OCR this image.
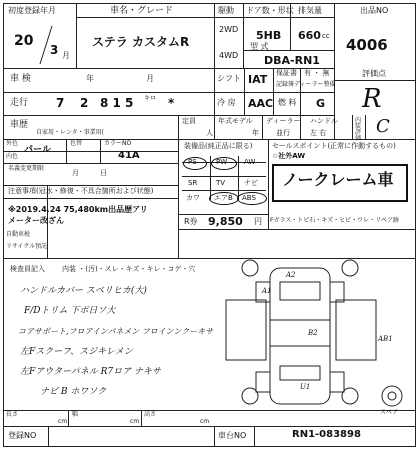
初度登録年月
20
3 月
車名・グレード
ステラ カスタムR
駆動
2WD
4WD
ドア数・形状
5HB
型 式
DBA-RN1
排気量
660 cc
出品NO
4006
車 検	年	月	シフト IAT 保証書 有 ・ 無
記録簿ディーラー整備
評価点
R
走行 7 2 8 1 5 キロ *	冷 房 AAC 燃 料 G
車歴
自家用・レンタ・事業用(
定員
人
年式モデル
年
ディーラー
並行
ハンドル
左 右
内装評価
C
外色
パール
色替	カラーNO
41A
内色
装備品(純正品に限る)
PS	PW AW
SR	TV	ナビ
カワ エアB ABS
R券 9,850 円
セールスポイント(正常に作動するもの)
☆社外AW
ノークレーム車
Fガラス・トビ石・キズ・ヒビ・ワレ・リペア跡
注意事項(冠水・修復・不具合箇所および状態)
※2019.4.24 75,480km出品歴アリ
メーター改ざん
名義変更期限
月	日
自動車税
リサイクル預託
検査員記入 内装 ・(汚)・スレ・キズ・キレ・コゲ・穴
ハンドルカバー スベリヒカ(大)
F/Dトリム 下ボ日ソ大
コアサポート,フロアインパネメン フロインンクーキサ
左Fスクーフ、スジキレメン
左Fアウターパネル R7ロア ナキサ
ナビ B ホワソク
A2
A1
B2
AB1
U1
スペア
長さ
cm
幅
cm
高さ
cm
登録NO	車台NO	RN1-083898
